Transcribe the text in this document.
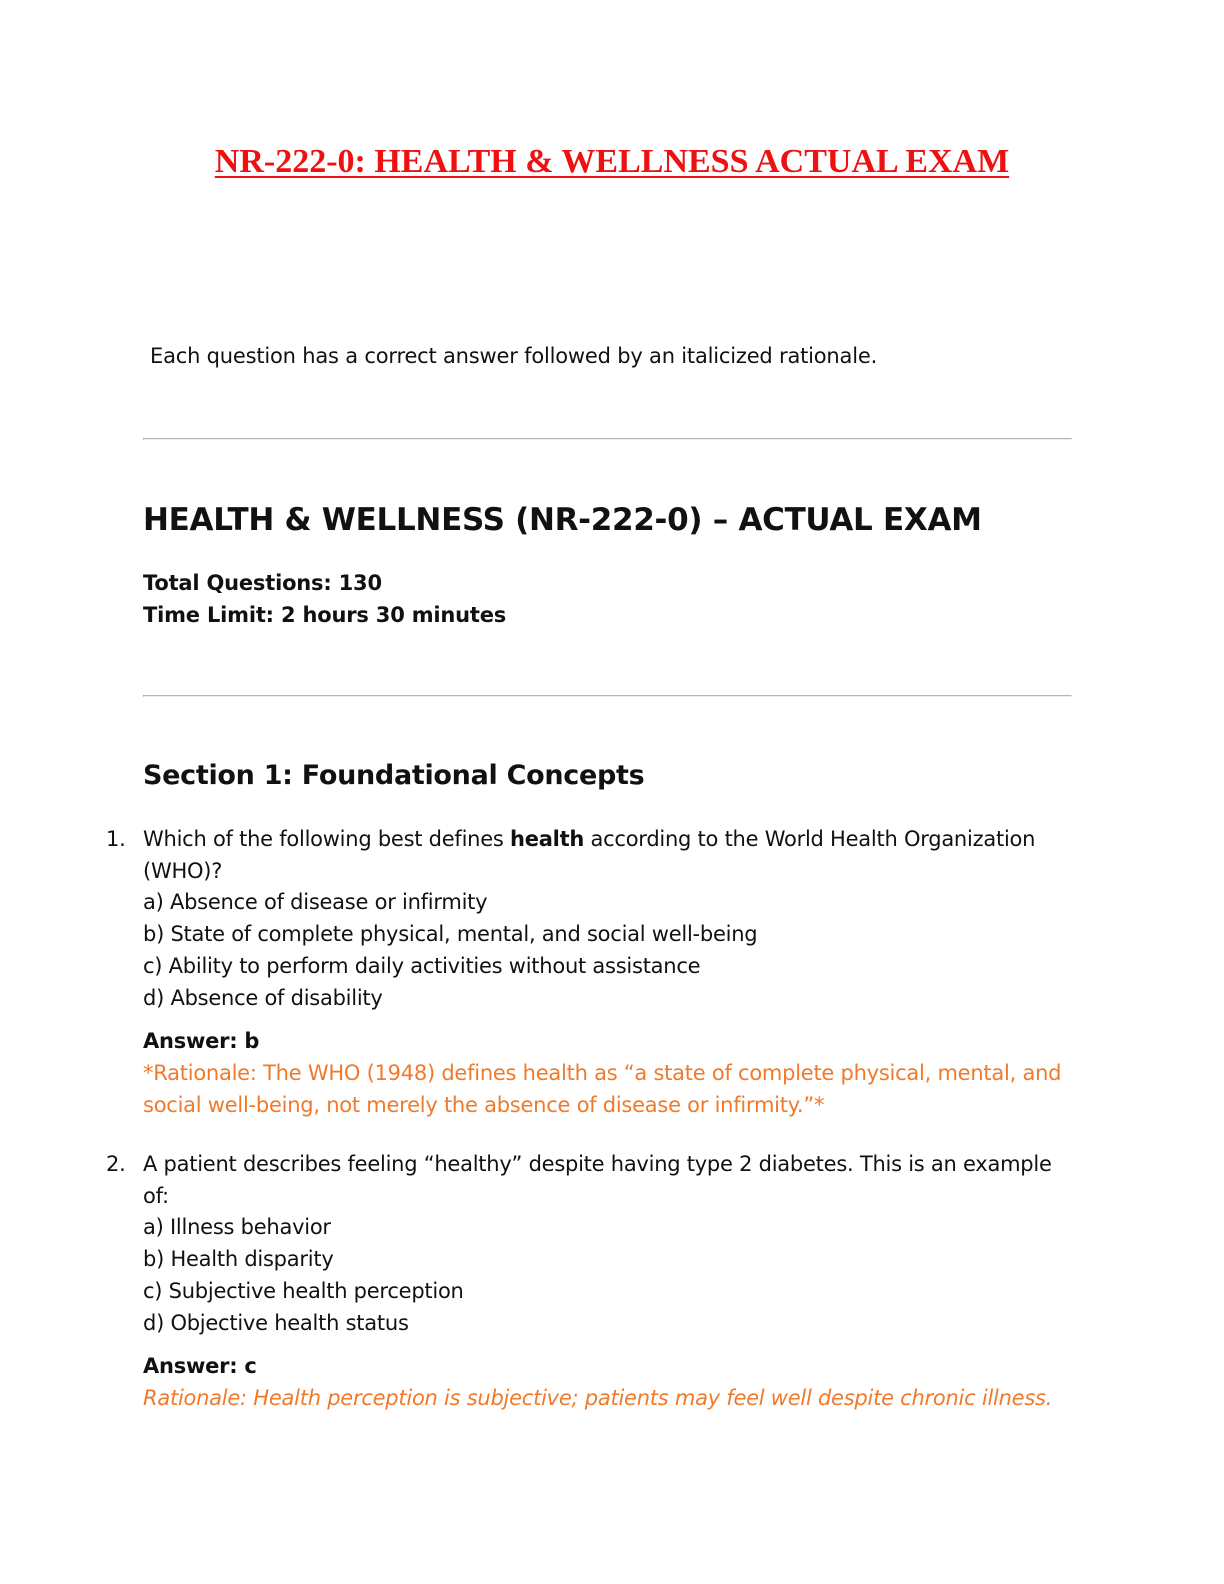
NR-222-0: HEALTH & WELLNESS ACTUAL EXAM

Each question has a correct answer followed by an italicized rationale.

HEALTH & WELLNESS (NR-222-0) – ACTUAL EXAM
Total Questions: 130
Time Limit: 2 hours 30 minutes
Section 1: Foundational Concepts
1. Which of the following best defines health according to the World Health Organization
(WHO)?
a) Absence of disease or infirmity
b) State of complete physical, mental, and social well-being
c) Ability to perform daily activities without assistance
d) Absence of disability
Answer: b
*Rationale: The WHO (1948) defines health as “a state of complete physical, mental, and
social well-being, not merely the absence of disease or infirmity.”*
2. A patient describes feeling “healthy” despite having type 2 diabetes. This is an example
of:
a) Illness behavior
b) Health disparity
c) Subjective health perception
d) Objective health status
Answer: c
Rationale: Health perception is subjective; patients may feel well despite chronic illness.
